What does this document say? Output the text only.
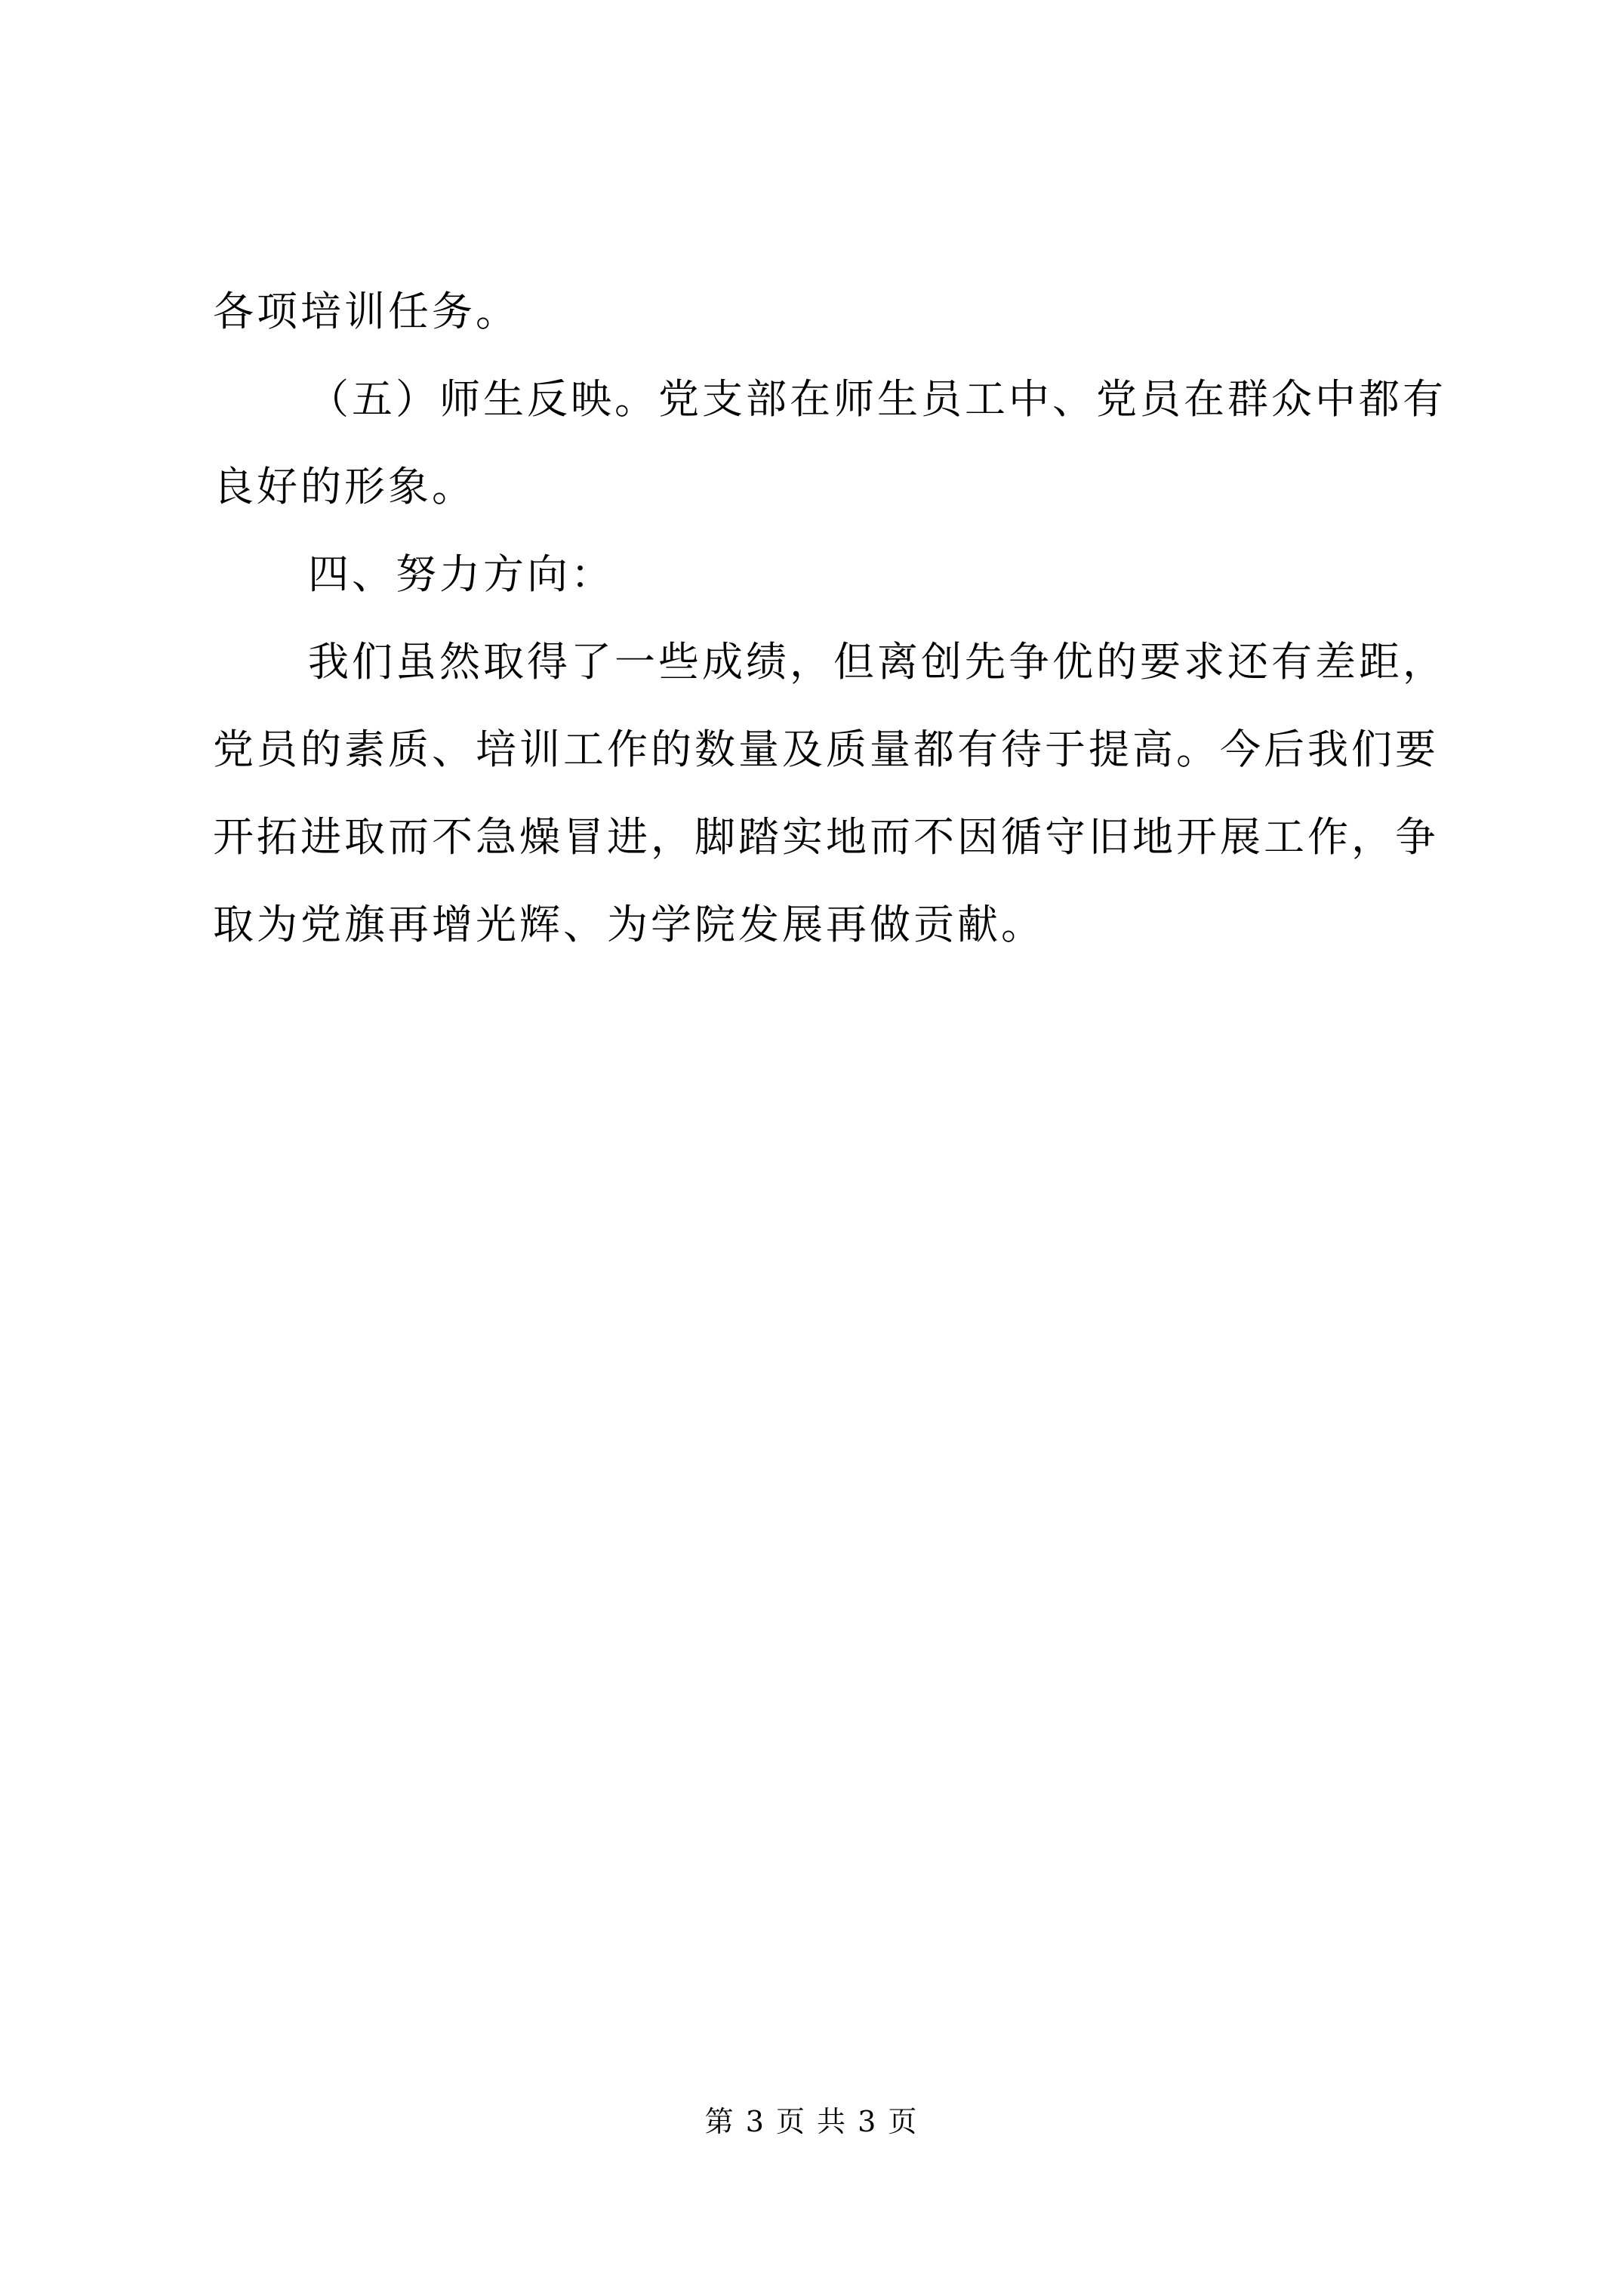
各项培训任务。
（五）师生反映。党支部在师生员工中、党员在群众中都有
良好的形象。
四、努力方向：
我们虽然取得了一些成绩，但离创先争优的要求还有差距，
党员的素质、培训工作的数量及质量都有待于提高。今后我们要
开拓进取而不急燥冒进，脚踏实地而不因循守旧地开展工作，争
取为党旗再增光辉、为学院发展再做贡献。
第 3 页 共 3 页
